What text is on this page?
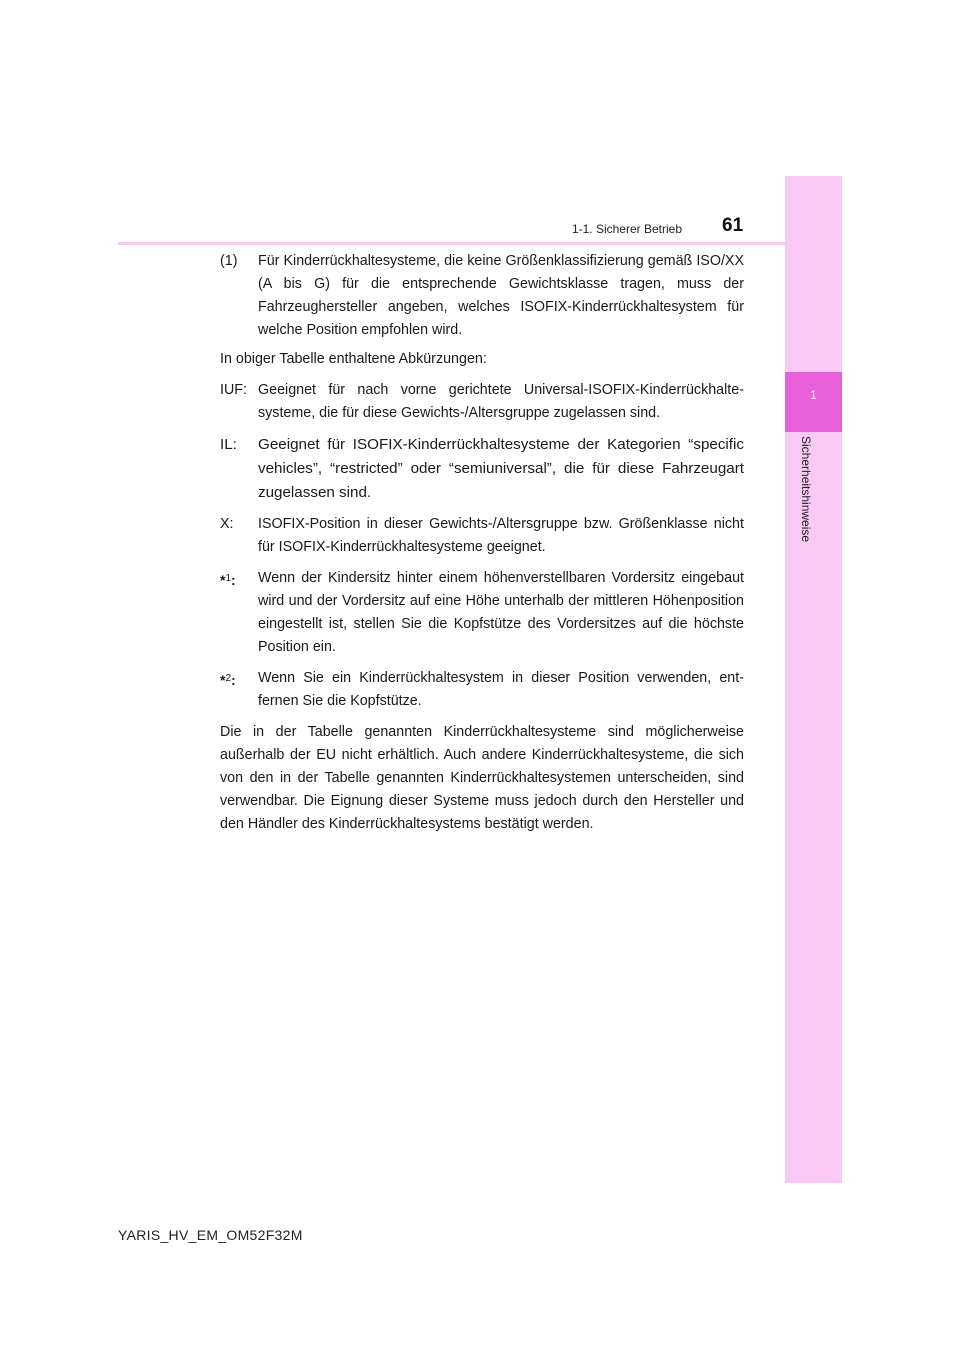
1
Sicherheitshinweise
1-1. Sicherer Betrieb 61
(1)	Für Kinderrückhaltesysteme, die keine Größenklassifizierung gemäß ISO/XX (A bis G) für die entsprechende Gewichtsklasse tragen, muss der Fahrzeughersteller angeben, welches ISOFIX-Kinderrückhaltesystem für welche Position empfohlen wird.
In obiger Tabelle enthaltene Abkürzungen:
IUF: Geeignet für nach vorne gerichtete Universal-ISOFIX-Kinderrückhaltesysteme, die für diese Gewichts-/Altersgruppe zugelassen sind.
IL:	Geeignet für ISOFIX-Kinderrückhaltesysteme der Kategorien “specific vehicles”, “restricted” oder “semiuniversal”, die für diese Fahrzeugart zugelassen sind.
X:	ISOFIX-Position in dieser Gewichts-/Altersgruppe bzw. Größenklasse nicht für ISOFIX-Kinderrückhaltesysteme geeignet.
*$^1$:	Wenn der Kindersitz hinter einem höhenverstellbaren Vordersitz eingebaut wird und der Vordersitz auf eine Höhe unterhalb der mittleren Höhenposition eingestellt ist, stellen Sie die Kopfstütze des Vordersitzes auf die höchste Position ein.
*$^2$:	Wenn Sie ein Kinderrückhaltesystem in dieser Position verwenden, entfernen Sie die Kopfstütze.
Die in der Tabelle genannten Kinderrückhaltesysteme sind möglicherweise außerhalb der EU nicht erhältlich. Auch andere Kinderrückhaltesysteme, die sich von den in der Tabelle genannten Kinderrückhaltesystemen unterscheiden, sind verwendbar. Die Eignung dieser Systeme muss jedoch durch den Hersteller und den Händler des Kinderrückhaltesystems bestätigt werden.
YARIS_HV_EM_OM52F32M
